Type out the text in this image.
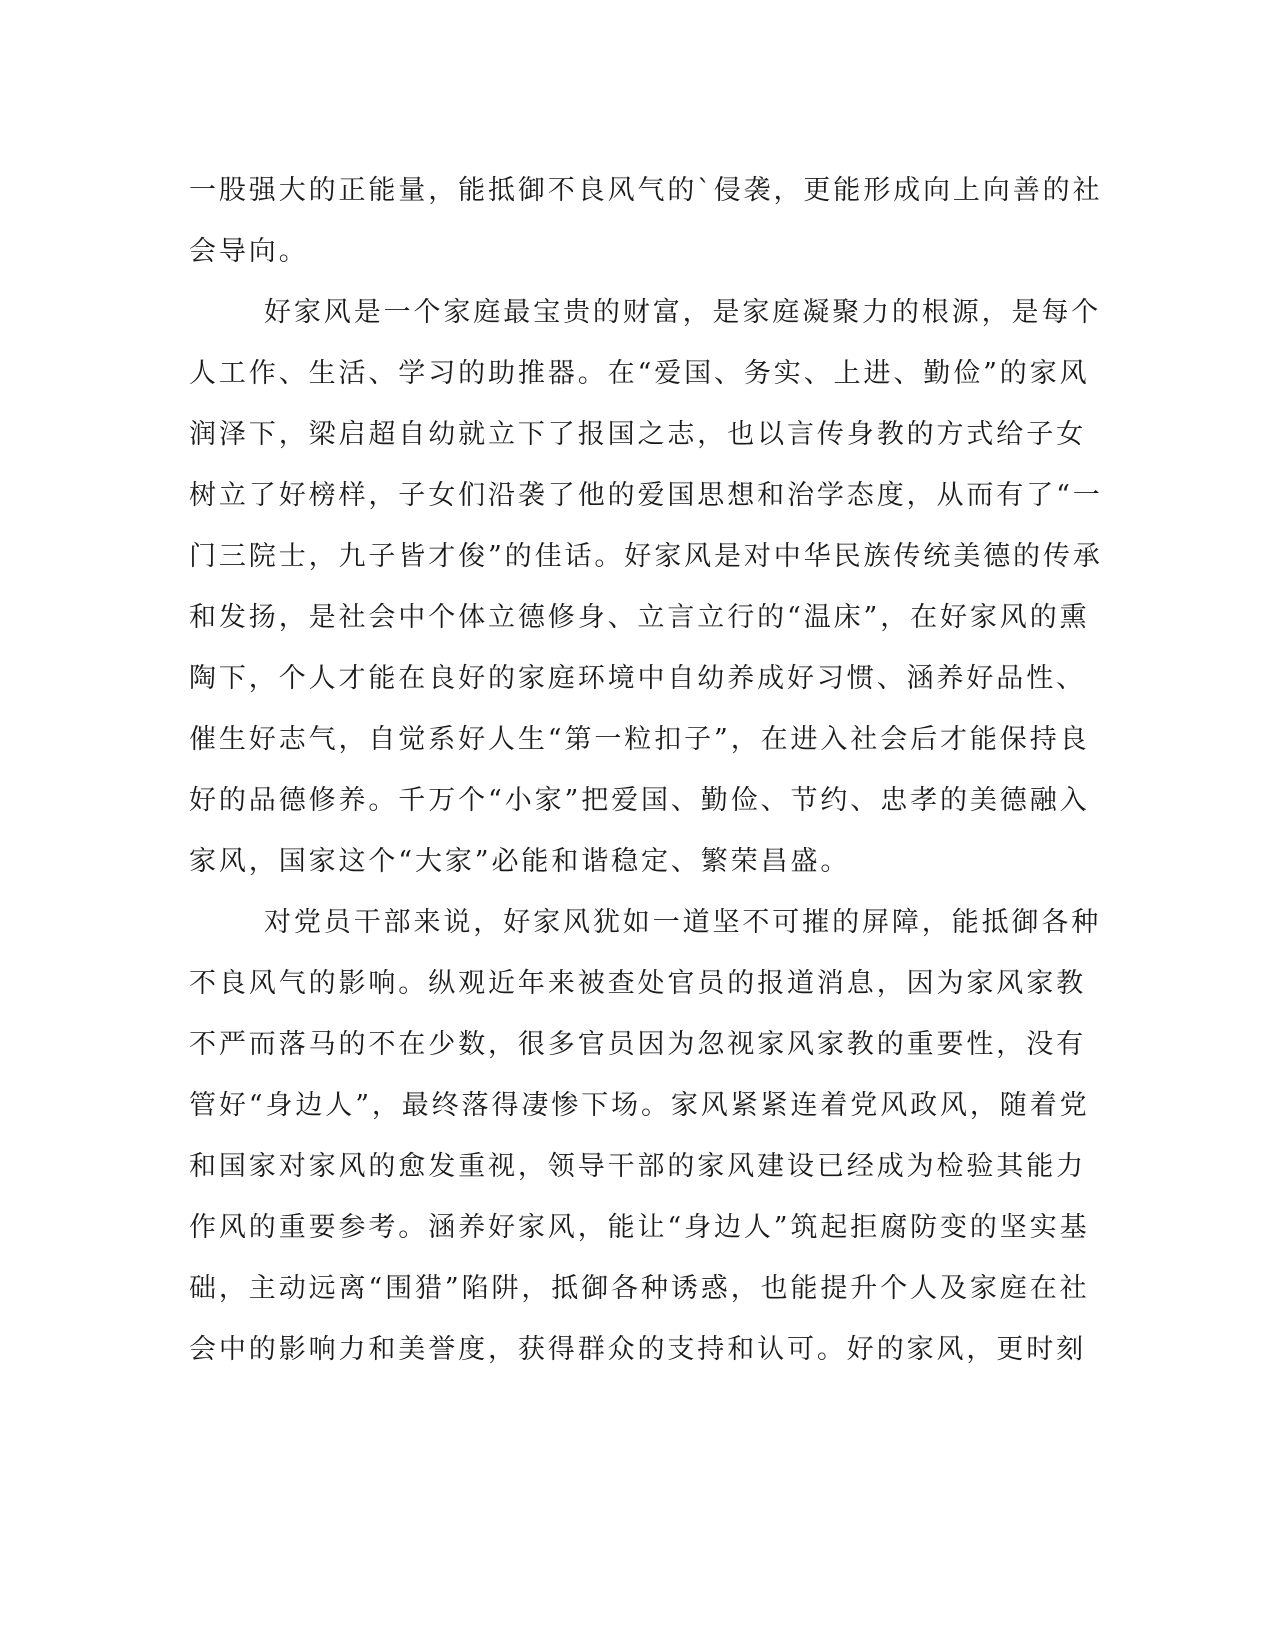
一股强大的正能量，能抵御不良风气的`侵袭，更能形成向上向善的社
会导向。
好家风是一个家庭最宝贵的财富，是家庭凝聚力的根源，是每个
人工作、生活、学习的助推器。在“爱国、务实、上进、勤俭”的家风
润泽下，梁启超自幼就立下了报国之志，也以言传身教的方式给子女
树立了好榜样，子女们沿袭了他的爱国思想和治学态度，从而有了“一
门三院士，九子皆才俊”的佳话。好家风是对中华民族传统美德的传承
和发扬，是社会中个体立德修身、立言立行的“温床”，在好家风的熏
陶下，个人才能在良好的家庭环境中自幼养成好习惯、涵养好品性、
催生好志气，自觉系好人生“第一粒扣子”，在进入社会后才能保持良
好的品德修养。千万个“小家”把爱国、勤俭、节约、忠孝的美德融入
家风，国家这个“大家”必能和谐稳定、繁荣昌盛。
对党员干部来说，好家风犹如一道坚不可摧的屏障，能抵御各种
不良风气的影响。纵观近年来被查处官员的报道消息，因为家风家教
不严而落马的不在少数，很多官员因为忽视家风家教的重要性，没有
管好“身边人”，最终落得凄惨下场。家风紧紧连着党风政风，随着党
和国家对家风的愈发重视，领导干部的家风建设已经成为检验其能力
作风的重要参考。涵养好家风，能让“身边人”筑起拒腐防变的坚实基
础，主动远离“围猎”陷阱，抵御各种诱惑，也能提升个人及家庭在社
会中的影响力和美誉度，获得群众的支持和认可。好的家风，更时刻
